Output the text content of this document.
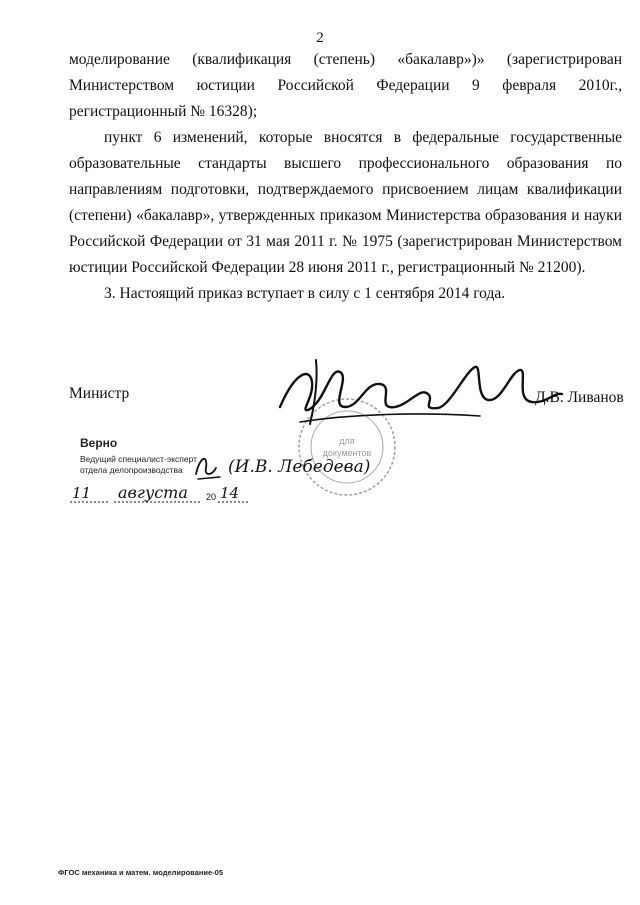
2

моделирование (квалификация (степень) «бакалавр»)» (зарегистрирован Министерством юстиции Российской Федерации 9 февраля 2010г., регистрационный № 16328);

пункт 6 изменений, которые вносятся в федеральные государственные образовательные стандарты высшего профессионального образования по направлениям подготовки, подтверждаемого присвоением лицам квалификации (степени) «бакалавр», утвержденных приказом Министерства образования и науки Российской Федерации от 31 мая 2011 г. № 1975 (зарегистрирован Министерством юстиции Российской Федерации 28 июня 2011 г., регистрационный № 21200).

3. Настоящий приказ вступает в силу с 1 сентября 2014 года.

для
документов
Министр	Д.В. Ливанов
Верно
Ведущий специалист-эксперт
отдела делопроизводства	(И.В. Лебедева)
11 августа 20 14
ФГОС механика и матем. моделирование-05
